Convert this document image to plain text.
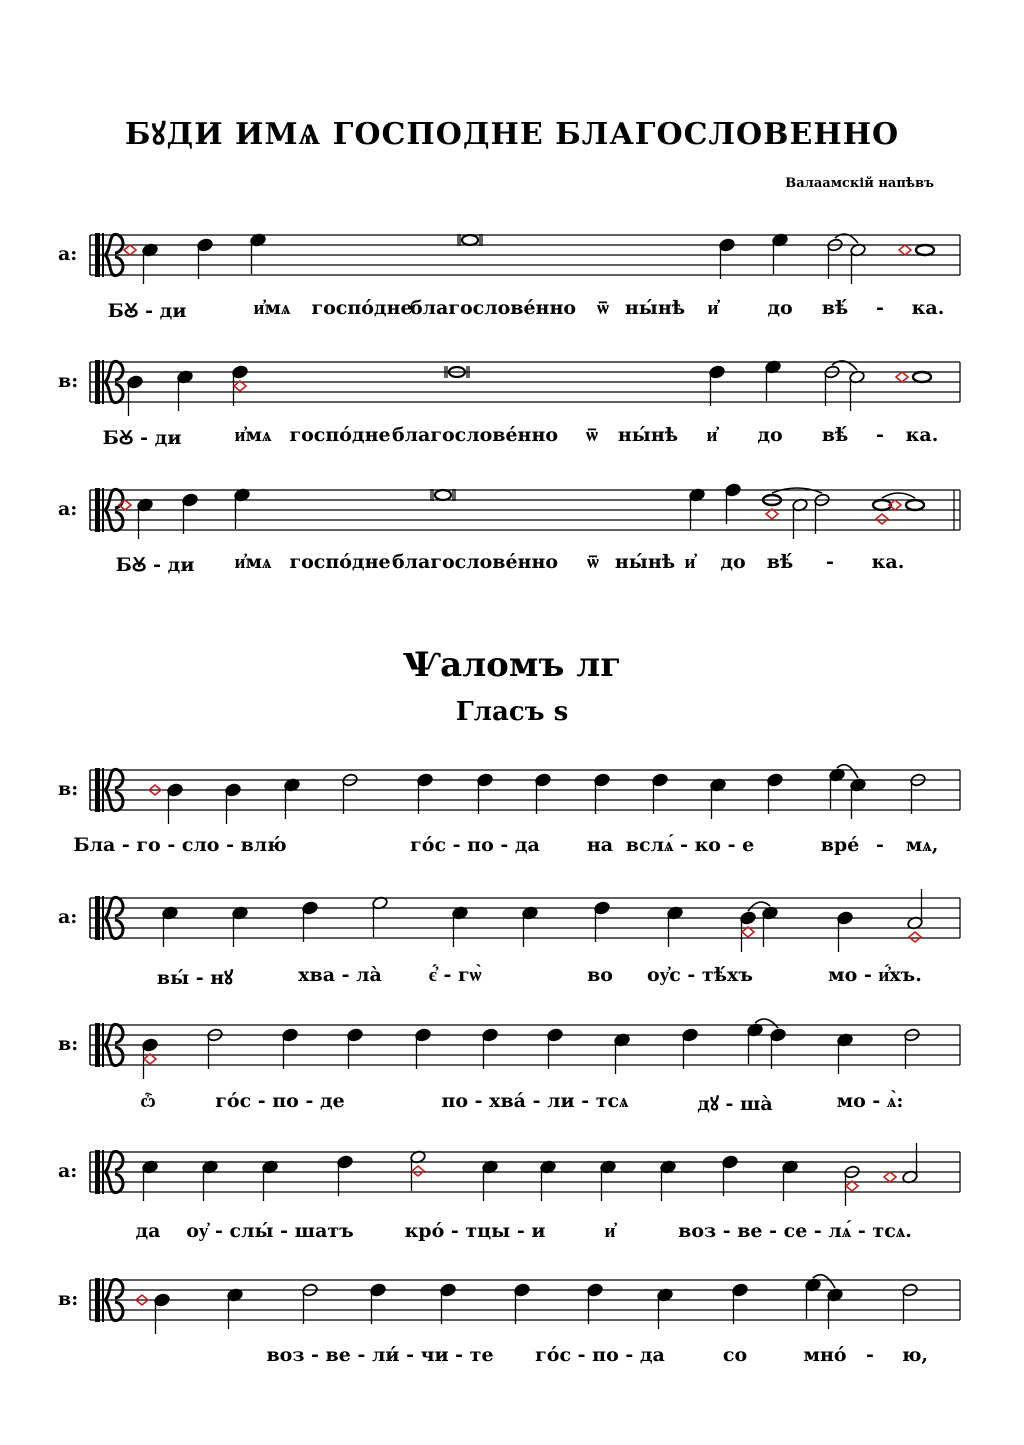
БꙋДИ ИМѦ ГОСПОДНЕ БЛАГОСЛОВЕННО
Валаамскій напѣвъ
Ѱаломъ лг
Гласъ ѕ
а:
БꙊ - ди	и҆мѧ госпо́дне
благословéнно ѿ ны́нѣ и҆	до вѣ́ - ка.
в:
БꙊ - ди	и҆мѧ госпóдне благословéнно ѿ ны́нѣ и҆ до вѣ́ - ка.
а:
БꙊ - ди и҆мѧ госпо́дне благословéнно ѿ ны́нѣ и҆ до вѣ́ - ка.
в:
Бла - го - сло - влю́	го́с - по - да на вслѧ́ - ко - е	вре́ - мѧ,
а:
вы́ - нꙋ	хва - лà є҆́ - гѡ̀	во оу҆с - тѣ́хъ	мо - и҆́хъ.
в:
ѽ	го́с - по - де	по - хва́ - ли - тсѧ	дꙋ - ша̀	мо - ѧ̀:
а:
да оу҆ - слы́ - шатъ	кро́ - тцы - и	и҆	воз - ве - се - лѧ́ - тсѧ.
в:
воз - ве - ли́ - чи - те го́с - по - да	со	мно́ - ю,
